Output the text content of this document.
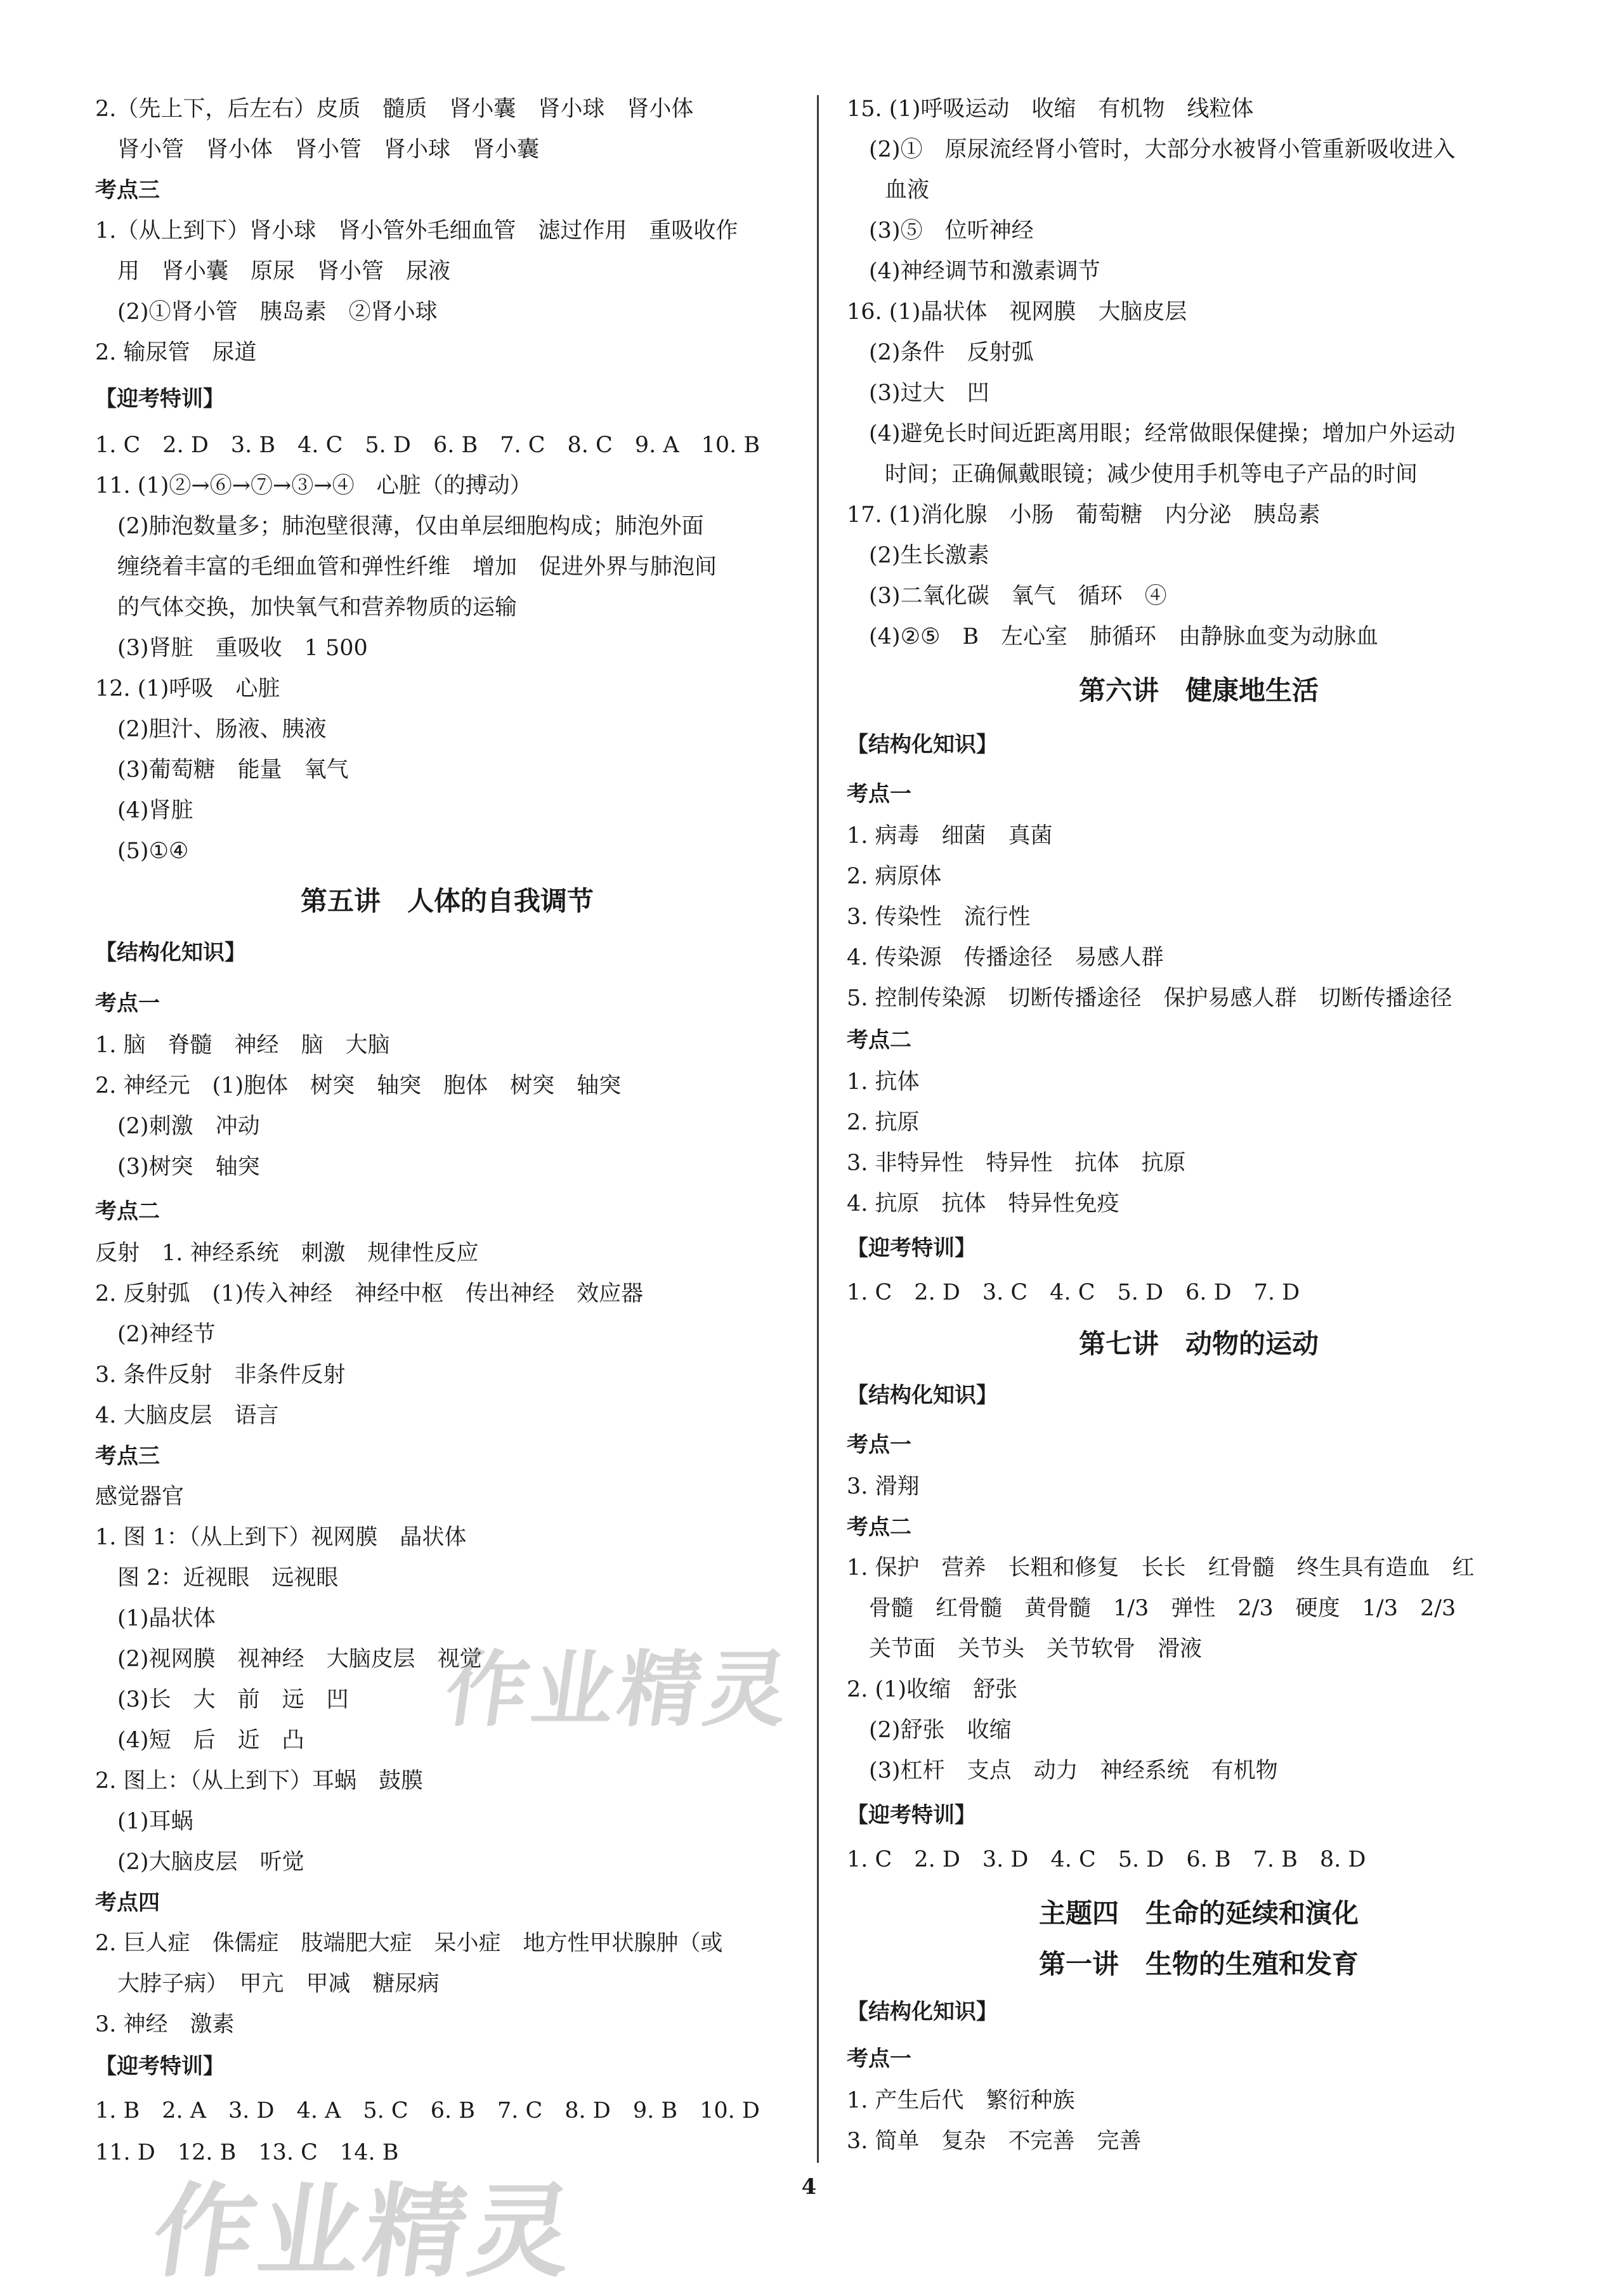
2.（先上下，后左右）皮质　髓质　肾小囊　肾小球　肾小体
肾小管　肾小体　肾小管　肾小球　肾小囊
考点三
1.（从上到下）肾小球　肾小管外毛细血管　滤过作用　重吸收作
用　肾小囊　原尿　肾小管　尿液
(2)①肾小管　胰岛素　②肾小球
2. 输尿管　尿道
【迎考特训】
1. C　2. D　3. B　4. C　5. D　6. B　7. C　8. C　9. A　10. B
11. (1)②→⑥→⑦→③→④　心脏（的搏动）
(2)肺泡数量多；肺泡壁很薄，仅由单层细胞构成；肺泡外面
缠绕着丰富的毛细血管和弹性纤维　增加　促进外界与肺泡间
的气体交换，加快氧气和营养物质的运输
(3)肾脏　重吸收　1 500
12. (1)呼吸　心脏
(2)胆汁、肠液、胰液
(3)葡萄糖　能量　氧气
(4)肾脏
(5)①④
第五讲　人体的自我调节
【结构化知识】
考点一
1. 脑　脊髓　神经　脑　大脑
2. 神经元　(1)胞体　树突　轴突　胞体　树突　轴突
(2)刺激　冲动
(3)树突　轴突
考点二
反射　1. 神经系统　刺激　规律性反应
2. 反射弧　(1)传入神经　神经中枢　传出神经　效应器
(2)神经节
3. 条件反射　非条件反射
4. 大脑皮层　语言
考点三
感觉器官
1. 图 1：（从上到下）视网膜　晶状体
图 2：近视眼　远视眼
(1)晶状体
(2)视网膜　视神经　大脑皮层　视觉
(3)长　大　前　远　凹
(4)短　后　近　凸
2. 图上：（从上到下）耳蜗　鼓膜
(1)耳蜗
(2)大脑皮层　听觉
考点四
2. 巨人症　侏儒症　肢端肥大症　呆小症　地方性甲状腺肿（或
大脖子病）　甲亢　甲减　糖尿病
3. 神经　激素
【迎考特训】
1. B　2. A　3. D　4. A　5. C　6. B　7. C　8. D　9. B　10. D
11. D　12. B　13. C　14. B
15. (1)呼吸运动　收缩　有机物　线粒体
(2)①　原尿流经肾小管时，大部分水被肾小管重新吸收进入
血液
(3)⑤　位听神经
(4)神经调节和激素调节
16. (1)晶状体　视网膜　大脑皮层
(2)条件　反射弧
(3)过大　凹
(4)避免长时间近距离用眼；经常做眼保健操；增加户外运动
时间；正确佩戴眼镜；减少使用手机等电子产品的时间
17. (1)消化腺　小肠　葡萄糖　内分泌　胰岛素
(2)生长激素
(3)二氧化碳　氧气　循环　④
(4)②⑤　B　左心室　肺循环　由静脉血变为动脉血
第六讲　健康地生活
【结构化知识】
考点一
1. 病毒　细菌　真菌
2. 病原体
3. 传染性　流行性
4. 传染源　传播途径　易感人群
5. 控制传染源　切断传播途径　保护易感人群　切断传播途径
考点二
1. 抗体
2. 抗原
3. 非特异性　特异性　抗体　抗原
4. 抗原　抗体　特异性免疫
【迎考特训】
1. C　2. D　3. C　4. C　5. D　6. D　7. D
第七讲　动物的运动
【结构化知识】
考点一
3. 滑翔
考点二
1. 保护　营养　长粗和修复　长长　红骨髓　终生具有造血　红
骨髓　红骨髓　黄骨髓　1/3　弹性　2/3　硬度　1/3　2/3
关节面　关节头　关节软骨　滑液
2. (1)收缩　舒张
(2)舒张　收缩
(3)杠杆　支点　动力　神经系统　有机物
【迎考特训】
1. C　2. D　3. D　4. C　5. D　6. B　7. B　8. D
主题四　生命的延续和演化
第一讲　生物的生殖和发育
【结构化知识】
考点一
1. 产生后代　繁衍种族
3. 简单　复杂　不完善　完善
作业精灵
作业精灵	4
